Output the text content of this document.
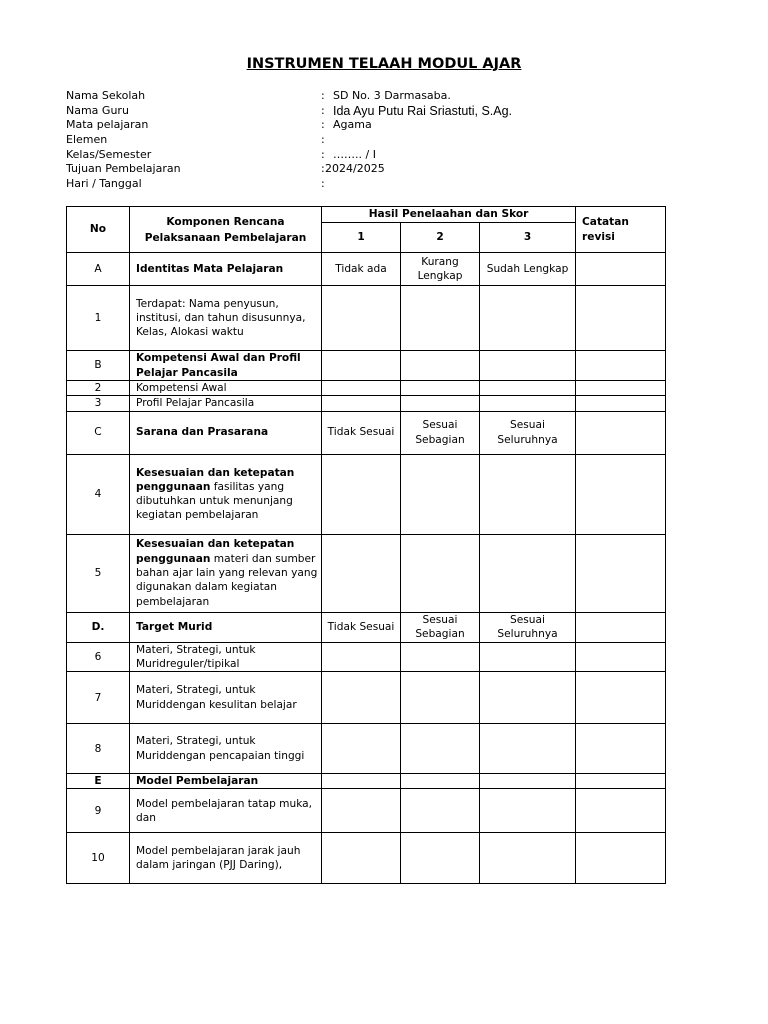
INSTRUMEN TELAAH MODUL AJAR
Nama Sekolah	: SD No. 3 Darmasaba.
Nama Guru	: Ida Ayu Putu Rai Sriastuti, S.Ag.
Mata pelajaran	: Agama
Elemen	:
Kelas/Semester	: …….. / I
Tujuan Pembelajaran	: 2024/2025
Hari / Tanggal	:
No	Komponen Rencana Pelaksanaan Pembelajaran	Hasil Penelaahan dan Skor			Catatan revisi
		1	2	3	
A	Identitas Mata Pelajaran	Tidak ada	Kurang Lengkap	Sudah Lengkap	
1	Terdapat: Nama penyusun, institusi, dan tahun disusunnya, Kelas, Alokasi waktu				
B	Kompetensi Awal dan Profil Pelajar Pancasila				
2	Kompetensi Awal				
3	Profil Pelajar Pancasila				
C	Sarana dan Prasarana	Tidak Sesuai	Sesuai Sebagian	Sesuai Seluruhnya	
4	Kesesuaian dan ketepatan penggunaan fasilitas yang dibutuhkan untuk menunjang kegiatan pembelajaran				
5	Kesesuaian dan ketepatan penggunaan materi dan sumber bahan ajar lain yang relevan yang digunakan dalam kegiatan pembelajaran				
D.	Target Murid	Tidak Sesuai	Sesuai Sebagian	Sesuai Seluruhnya	
6	Materi, Strategi, untuk Muridreguler/tipikal				
7	Materi, Strategi, untuk Muriddengan kesulitan belajar				
8	Materi, Strategi, untuk Muriddengan pencapaian tinggi				
E	Model Pembelajaran				
9	Model pembelajaran tatap muka, dan				
10	Model pembelajaran jarak jauh dalam jaringan (PJJ Daring),				
